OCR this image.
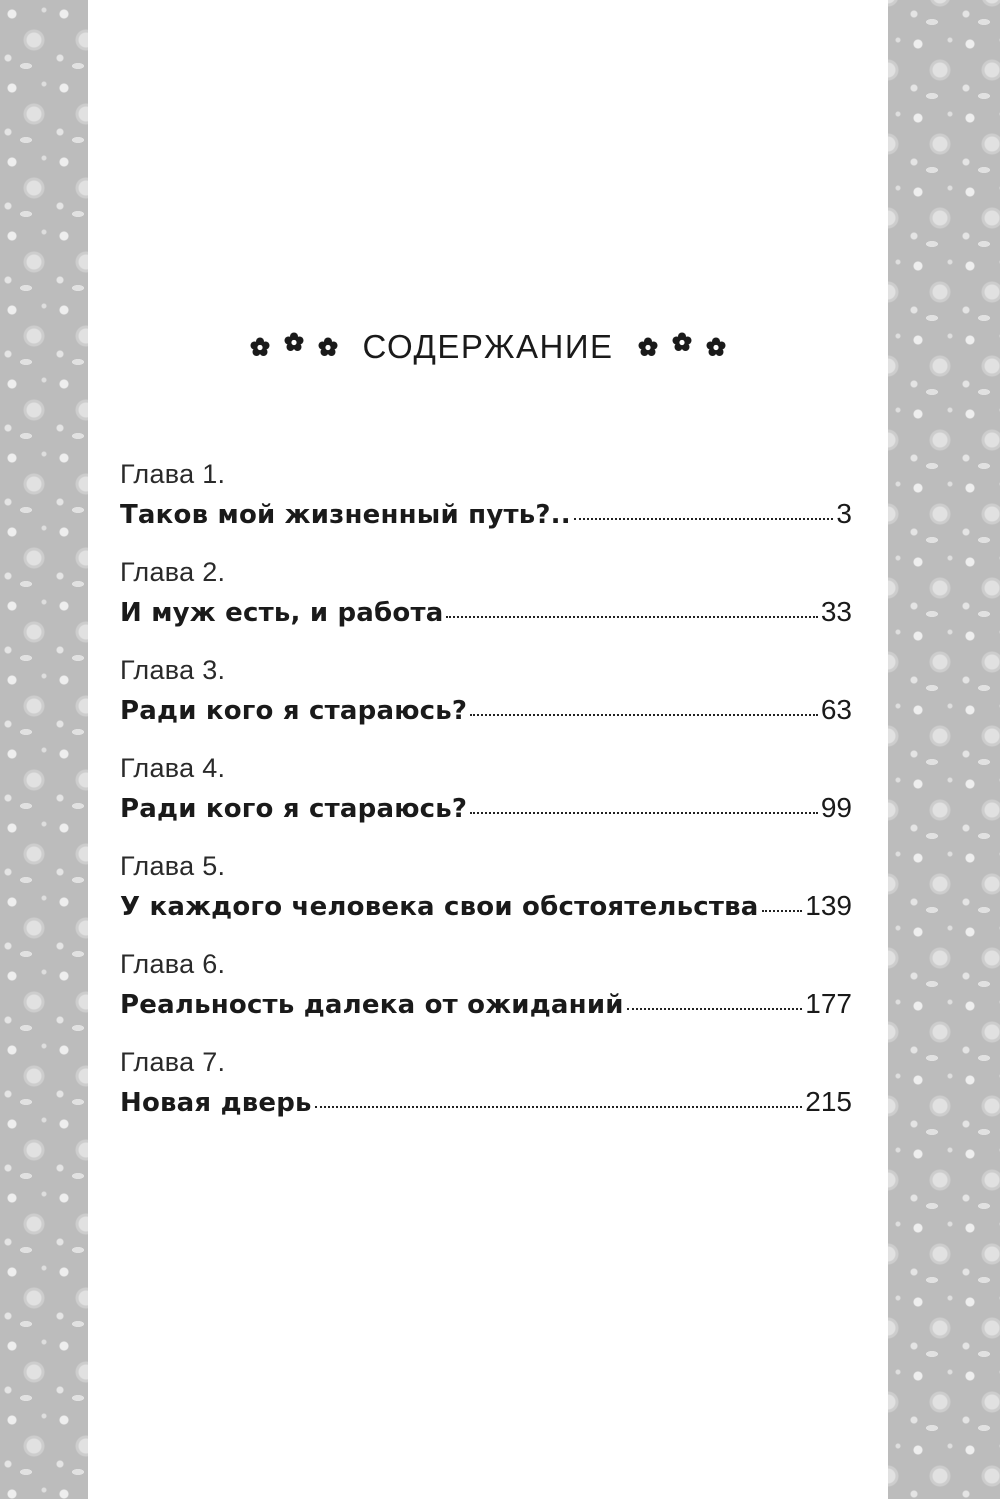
СОДЕРЖАНИЕ
Глава 1.
Таков мой жизненный путь?..	3
Глава 2.
И муж есть, и работа	33
Глава 3.
Ради кого я стараюсь?	63
Глава 4.
Ради кого я стараюсь?	99
Глава 5.
У каждого человека свои обстоятельства 139
Глава 6.
Реальность далека от ожиданий	177
Глава 7.
Новая дверь	215
